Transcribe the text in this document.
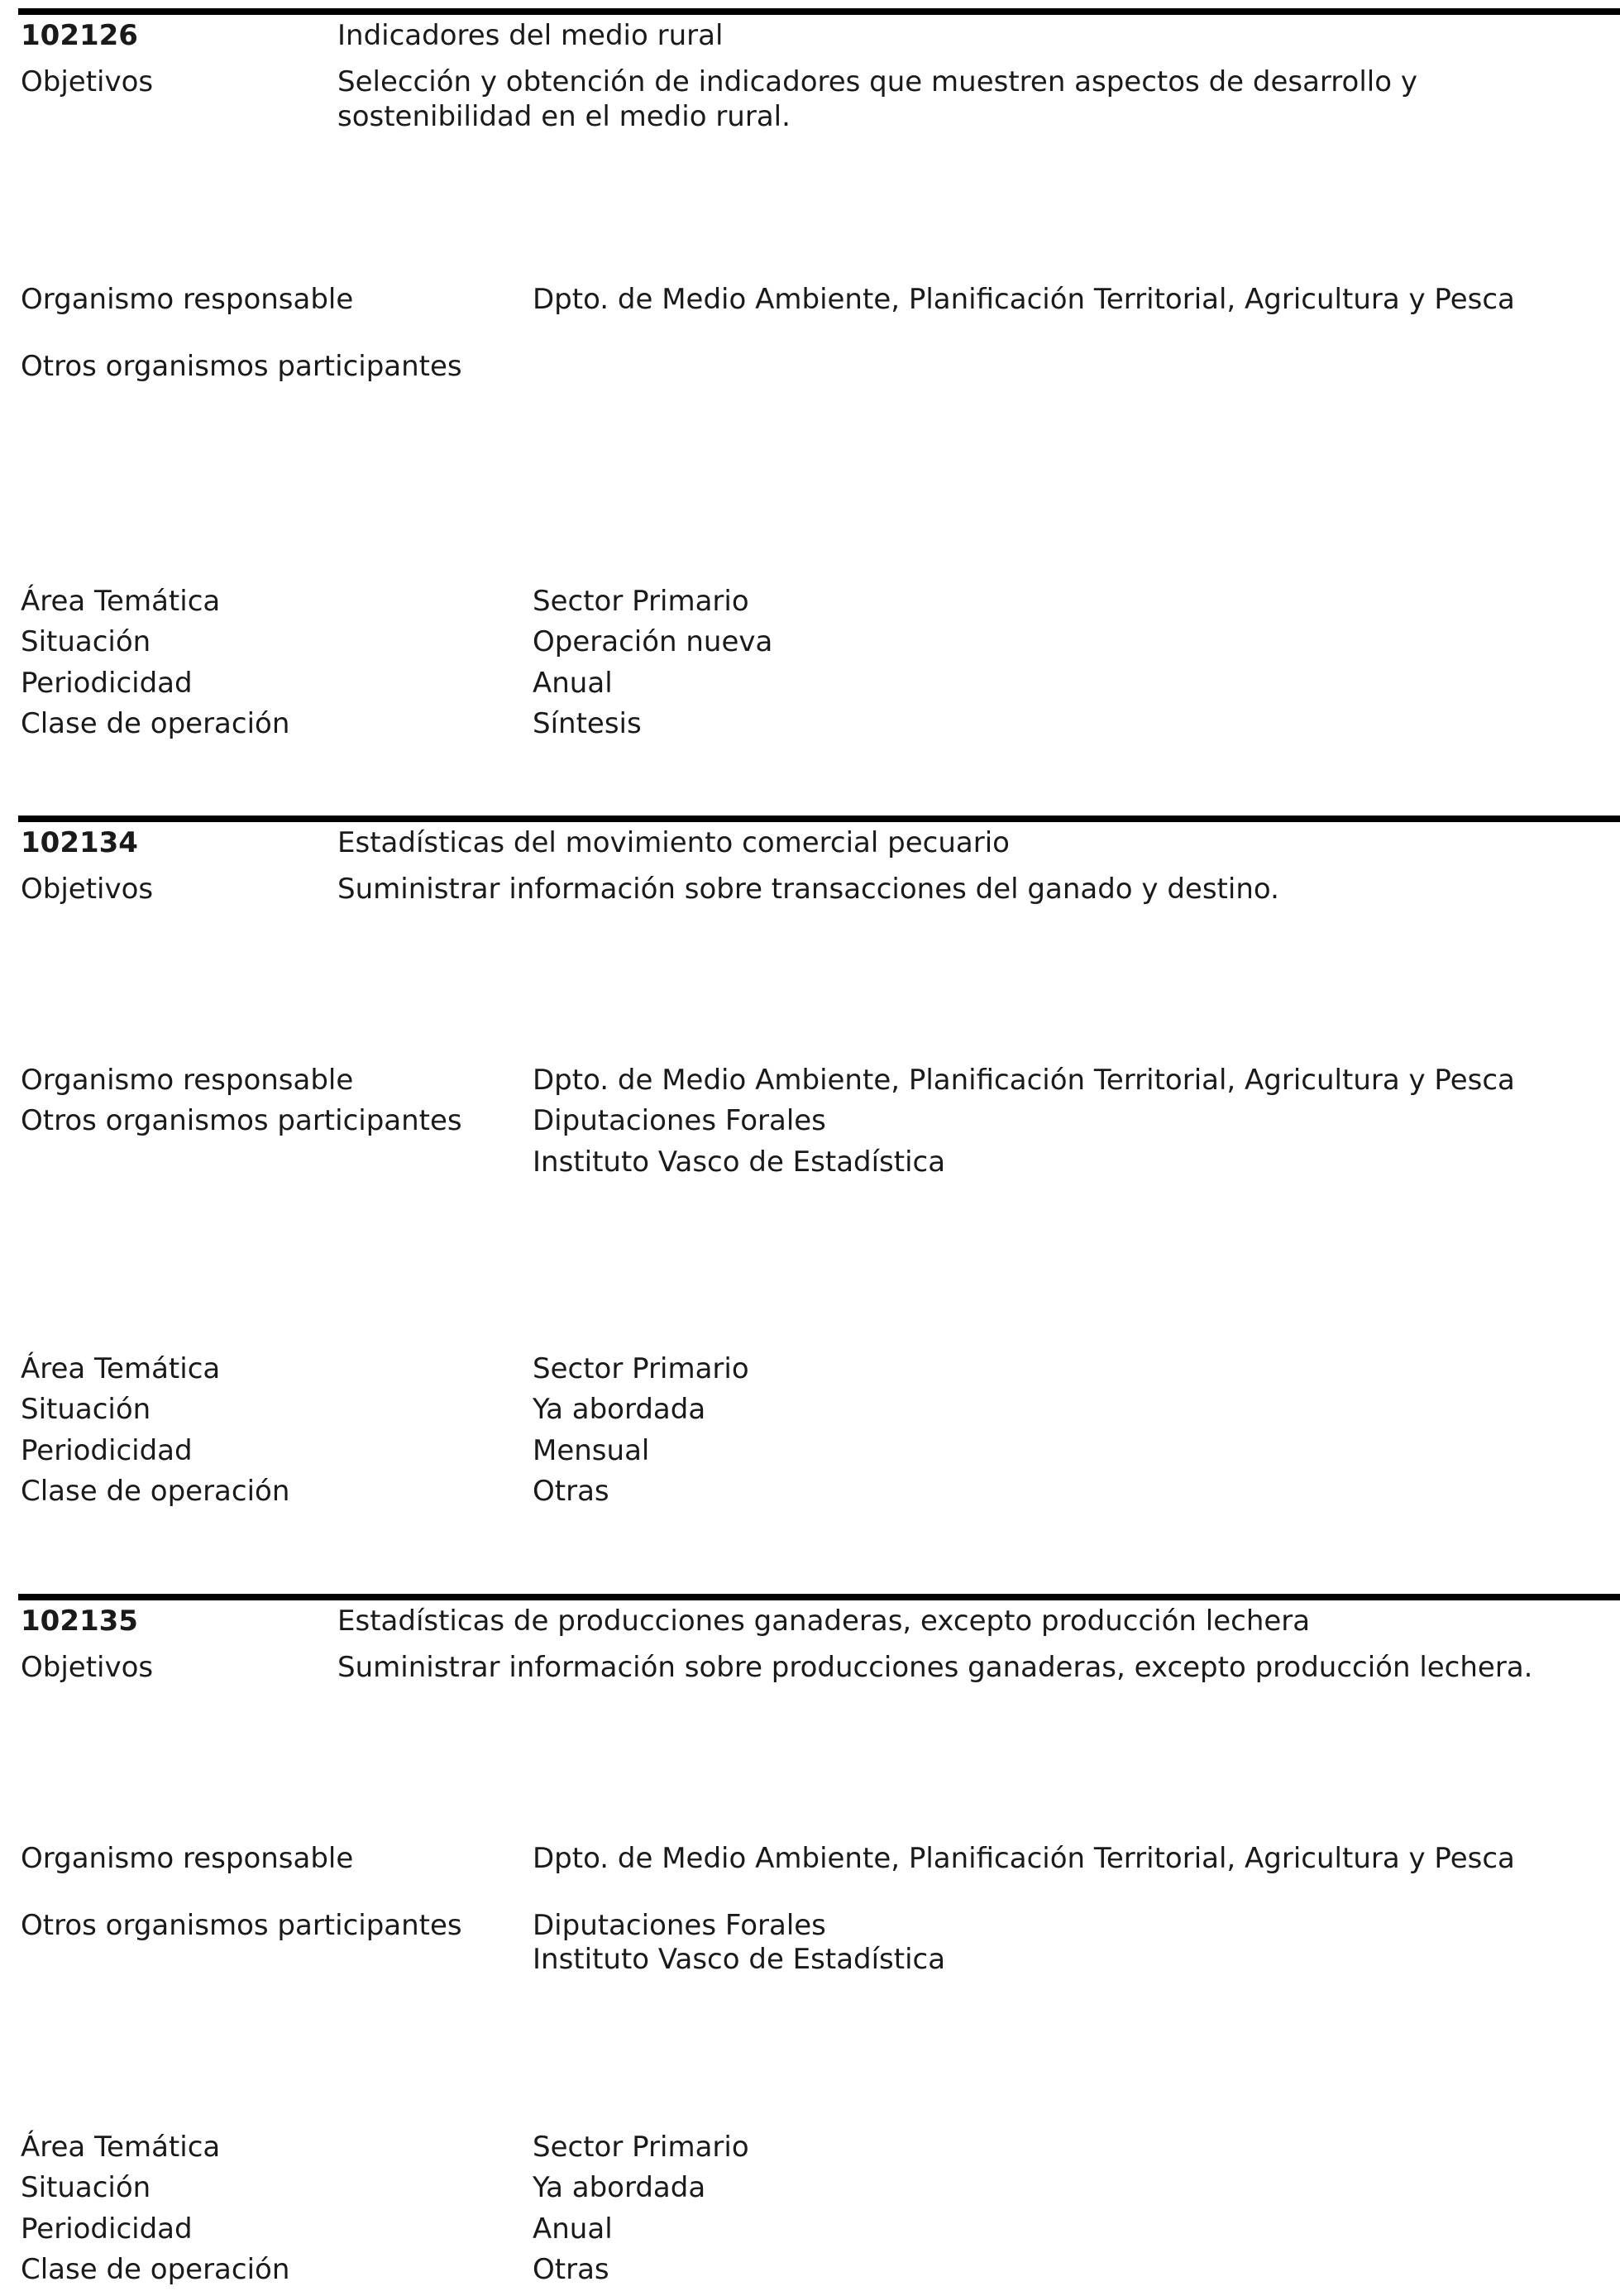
102126	Indicadores del medio rural
Objetivos	Selección y obtención de indicadores que muestren aspectos de desarrollo y sostenibilidad en el medio rural.
Organismo responsable	Dpto. de Medio Ambiente, Planificación Territorial, Agricultura y Pesca
Otros organismos participantes
Área Temática	Sector Primario
Situación	Operación nueva
Periodicidad	Anual
Clase de operación	Síntesis
102134	Estadísticas del movimiento comercial pecuario
Objetivos	Suministrar información sobre transacciones del ganado y destino.
Organismo responsable	Dpto. de Medio Ambiente, Planificación Territorial, Agricultura y Pesca
Otros organismos participantes	Diputaciones Forales
Instituto Vasco de Estadística
Área Temática	Sector Primario
Situación	Ya abordada
Periodicidad	Mensual
Clase de operación	Otras
102135	Estadísticas de producciones ganaderas, excepto producción lechera
Objetivos	Suministrar información sobre producciones ganaderas, excepto producción lechera.
Organismo responsable	Dpto. de Medio Ambiente, Planificación Territorial, Agricultura y Pesca
Otros organismos participantes	Diputaciones Forales
Instituto Vasco de Estadística
Área Temática	Sector Primario
Situación	Ya abordada
Periodicidad	Anual
Clase de operación	Otras
